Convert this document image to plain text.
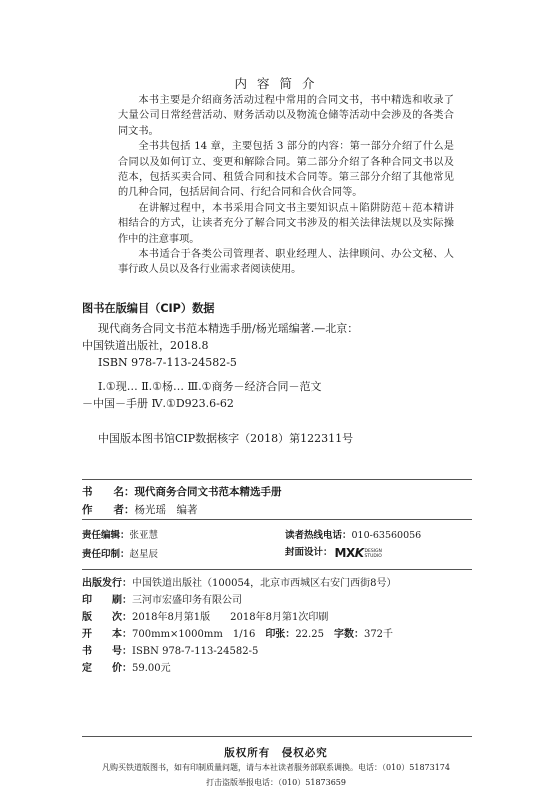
内 容 简 介

本书主要是介绍商务活动过程中常用的合同文书，书中精选和收录了大量公司日常经营活动、财务活动以及物流仓储等活动中会涉及的各类合同文书。

全书共包括 14 章，主要包括 3 部分的内容：第一部分介绍了什么是合同以及如何订立、变更和解除合同。第二部分介绍了各种合同文书以及范本，包括买卖合同、租赁合同和技术合同等。第三部分介绍了其他常见的几种合同，包括居间合同、行纪合同和合伙合同等。

在讲解过程中，本书采用合同文书主要知识点＋陷阱防范＋范本精讲相结合的方式，让读者充分了解合同文书涉及的相关法律法规以及实际操作中的注意事项。

本书适合于各类公司管理者、职业经理人、法律顾问、办公文秘、人事行政人员以及各行业需求者阅读使用。

图书在版编目（CIP）数据
现代商务合同文书范本精选手册/杨光瑶编著.—北京：
中国铁道出版社，2018.8
ISBN 978-7-113-24582-5
Ⅰ.①现… Ⅱ.①杨… Ⅲ.①商务－经济合同－范文
－中国－手册 Ⅳ.①D923.6-62
中国版本图书馆CIP数据核字（2018）第122311号
书　　名：现代商务合同文书范本精选手册
作　　者：杨光瑶　编著
责任编辑：张亚慧	读者热线电话：010-63560056
责任印制：赵星辰	封面设计： MXKDESIGN
STUDIO
出版发行：中国铁道出版社（100054，北京市西城区右安门西街8号）
印　　刷：三河市宏盛印务有限公司
版　　次：2018年8月第1版　　2018年8月第1次印刷
开　　本：700mm×1000mm　1/16 印张：22.25 字数：372千
书　　号：ISBN 978-7-113-24582-5
定　　价：59.00元
版权所有　侵权必究
凡购买铁道版图书，如有印制质量问题，请与本社读者服务部联系调换。电话：（010）51873174
打击盗版举报电话：（010）51873659
